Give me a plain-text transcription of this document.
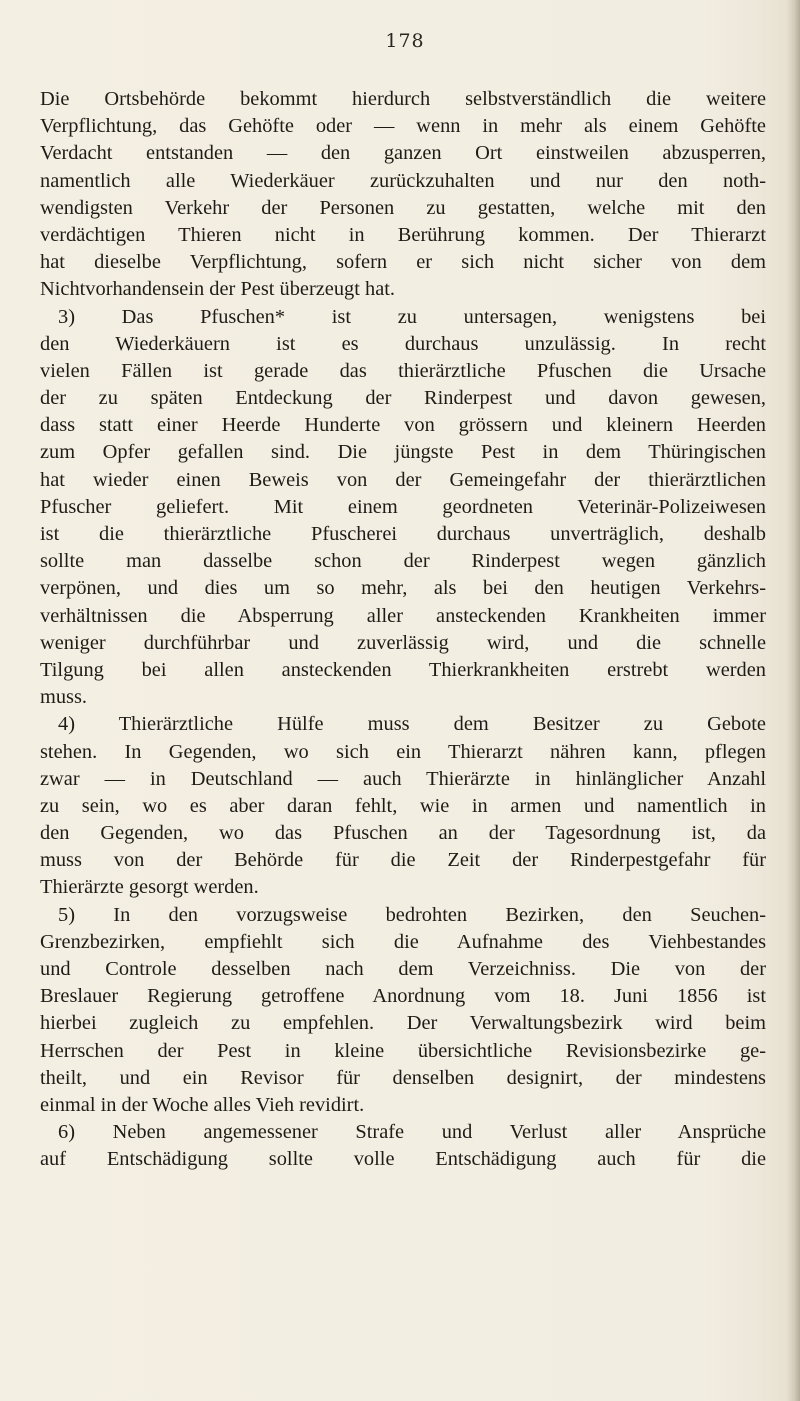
178
Die Ortsbehörde bekommt hierdurch selbstverständlich die weitere
Verpflichtung, das Gehöfte oder — wenn in mehr als einem Gehöfte
Verdacht entstanden — den ganzen Ort einstweilen abzusperren,
namentlich alle Wiederkäuer zurückzuhalten und nur den noth-
wendigsten Verkehr der Personen zu gestatten, welche mit den
verdächtigen Thieren nicht in Berührung kommen. Der Thierarzt
hat dieselbe Verpflichtung, sofern er sich nicht sicher von dem
Nichtvorhandensein der Pest überzeugt hat.
3) Das Pfuschen* ist zu untersagen, wenigstens bei
den Wiederkäuern ist es durchaus unzulässig. In recht
vielen Fällen ist gerade das thierärztliche Pfuschen die Ursache
der zu späten Entdeckung der Rinderpest und davon gewesen,
dass statt einer Heerde Hunderte von grössern und kleinern Heerden
zum Opfer gefallen sind. Die jüngste Pest in dem Thüringischen
hat wieder einen Beweis von der Gemeingefahr der thierärztlichen
Pfuscher geliefert. Mit einem geordneten Veterinär-Polizeiwesen
ist die thierärztliche Pfuscherei durchaus unverträglich, deshalb
sollte man dasselbe schon der Rinderpest wegen gänzlich
verpönen, und dies um so mehr, als bei den heutigen Verkehrs-
verhältnissen die Absperrung aller ansteckenden Krankheiten immer
weniger durchführbar und zuverlässig wird, und die schnelle
Tilgung bei allen ansteckenden Thierkrankheiten erstrebt werden
muss.
4) Thierärztliche Hülfe muss dem Besitzer zu Gebote
stehen. In Gegenden, wo sich ein Thierarzt nähren kann, pflegen
zwar — in Deutschland — auch Thierärzte in hinlänglicher Anzahl
zu sein, wo es aber daran fehlt, wie in armen und namentlich in
den Gegenden, wo das Pfuschen an der Tagesordnung ist, da
muss von der Behörde für die Zeit der Rinderpestgefahr für
Thierärzte gesorgt werden.
5) In den vorzugsweise bedrohten Bezirken, den Seuchen-
Grenzbezirken, empfiehlt sich die Aufnahme des Viehbestandes
und Controle desselben nach dem Verzeichniss. Die von der
Breslauer Regierung getroffene Anordnung vom 18. Juni 1856 ist
hierbei zugleich zu empfehlen. Der Verwaltungsbezirk wird beim
Herrschen der Pest in kleine übersichtliche Revisionsbezirke ge-
theilt, und ein Revisor für denselben designirt, der mindestens
einmal in der Woche alles Vieh revidirt.
6) Neben angemessener Strafe und Verlust aller Ansprüche
auf Entschädigung sollte volle Entschädigung auch für die
